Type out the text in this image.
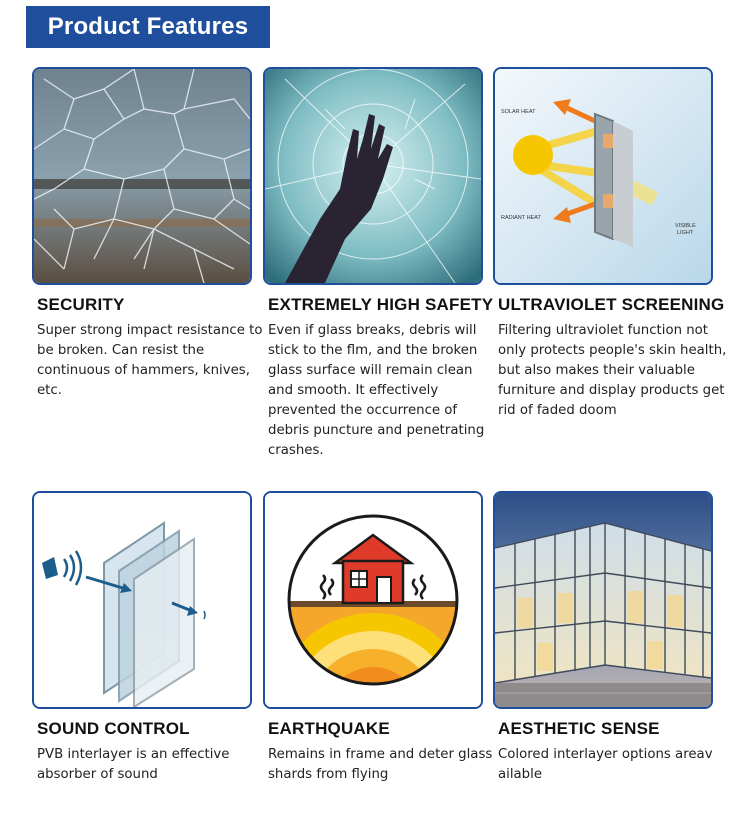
Product Features
SECURITY
Super strong impact resistance to be broken. Can resist the continuous of hammers, knives, etc.
EXTREMELY HIGH SAFETY
Even if glass breaks, debris will stick to the flm, and the broken glass surface will remain clean and smooth. It effectively prevented the occurrence of debris puncture and penetrating crashes.
SOLAR HEAT
RADIANT HEAT
VISIBLE
LIGHT
ULTRAVIOLET SCREENING
Filtering ultraviolet function not only protects people's skin health, but also makes their valuable furniture and display products get rid of faded doom
SOUND CONTROL
PVB interlayer is an effective absorber of sound
EARTHQUAKE
Remains in frame and deter glass shards from flying
AESTHETIC SENSE
Colored interlayer options areav ailable
